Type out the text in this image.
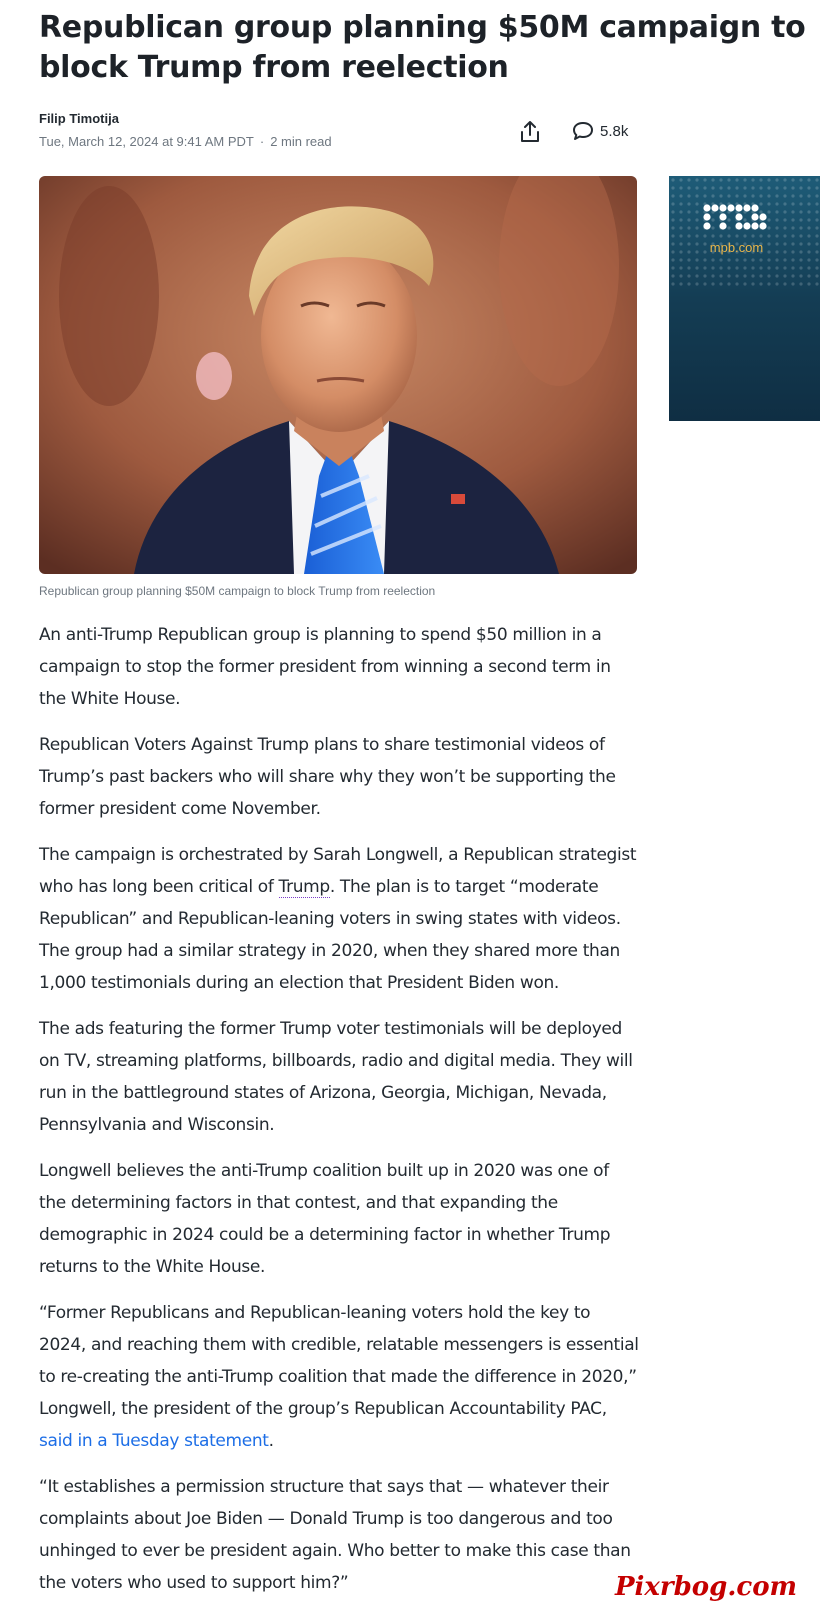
Republican group planning $50M campaign to block Trump from reelection
Filip Timotija
Tue, March 12, 2024 at 9:41 AM PDT · 2 min read
5.8k
Republican group planning $50M campaign to block Trump from reelection
mpb.com

An anti-Trump Republican group is planning to spend $50 million in a campaign to stop the former president from winning a second term in the White House.

Republican Voters Against Trump plans to share testimonial videos of Trump’s past backers who will share why they won’t be supporting the former president come November.

The campaign is orchestrated by Sarah Longwell, a Republican strategist who has long been critical of Trump. The plan is to target “moderate Republican” and Republican-leaning voters in swing states with videos. The group had a similar strategy in 2020, when they shared more than 1,000 testimonials during an election that President Biden won.

The ads featuring the former Trump voter testimonials will be deployed on TV, streaming platforms, billboards, radio and digital media. They will run in the battleground states of Arizona, Georgia, Michigan, Nevada, Pennsylvania and Wisconsin.

Longwell believes the anti-Trump coalition built up in 2020 was one of the determining factors in that contest, and that expanding the demographic in 2024 could be a determining factor in whether Trump returns to the White House.

“Former Republicans and Republican-leaning voters hold the key to 2024, and reaching them with credible, relatable messengers is essential to re-creating the anti-Trump coalition that made the difference in 2020,” Longwell, the president of the group’s Republican Accountability PAC, said in a Tuesday statement.

“It establishes a permission structure that says that — whatever their complaints about Joe Biden — Donald Trump is too dangerous and too unhinged to ever be president again. Who better to make this case than the voters who used to support him?”	Pixrbog.com
